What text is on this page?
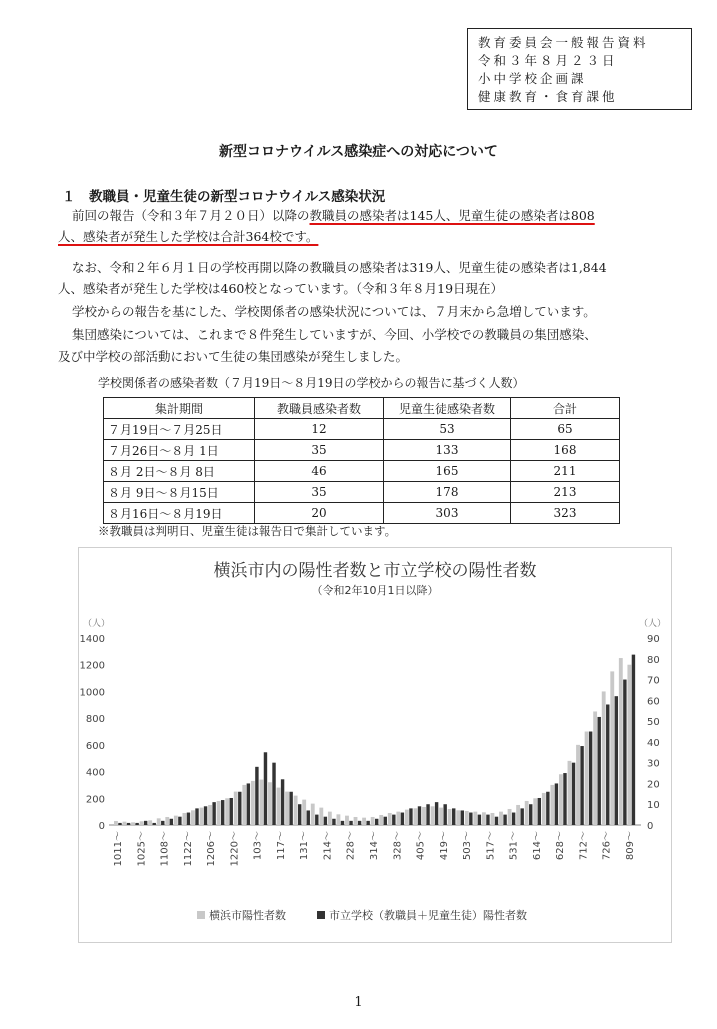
教育委員会一般報告資料
令和３年８月２３日
小中学校企画課
健康教育・食育課他
新型コロナウイルス感染症への対応について
１　教職員・児童生徒の新型コロナウイルス感染状況
前回の報告（令和３年７月２０日）以降の教職員の感染者は145人、児童生徒の感染者は808
人、感染者が発生した学校は合計364校です。
なお、令和２年６月１日の学校再開以降の教職員の感染者は319人、児童生徒の感染者は1,844
人、感染者が発生した学校は460校となっています。（令和３年８月19日現在）
学校からの報告を基にした、学校関係者の感染状況については、７月末から急増しています。
集団感染については、これまで８件発生していますが、今回、小学校での教職員の集団感染、
及び中学校の部活動において生徒の集団感染が発生しました。
学校関係者の感染者数（７月19日～８月19日の学校からの報告に基づく人数）
集計期間	教職員感染者数	児童生徒感染者数	合計
７月19日～７月25日	12	53	65
７月26日～８月 1日	35	133	168
８月 2日～８月 8日	46	165	211
８月 9日～８月15日	35	178	213
８月16日～８月19日	20	303	323
※教職員は判明日、児童生徒は報告日で集計しています。
横浜市内の陽性者数と市立学校の陽性者数
（令和2年10月1日以降）
（人）	（人）
0
200
400
600
800
1000
1200
1400
0
10
20
30
40
50
60
70
80
90
1011～ 1025～ 1108～ 1122～ 1206～ 1220～ 103～ 117～ 131～ 214～ 228～ 314～ 328～ 405～ 419～ 503～ 517～ 531～ 614～ 628～ 712～ 726～ 809～
横浜市陽性者数	市立学校（教職員＋児童生徒）陽性者数
1
